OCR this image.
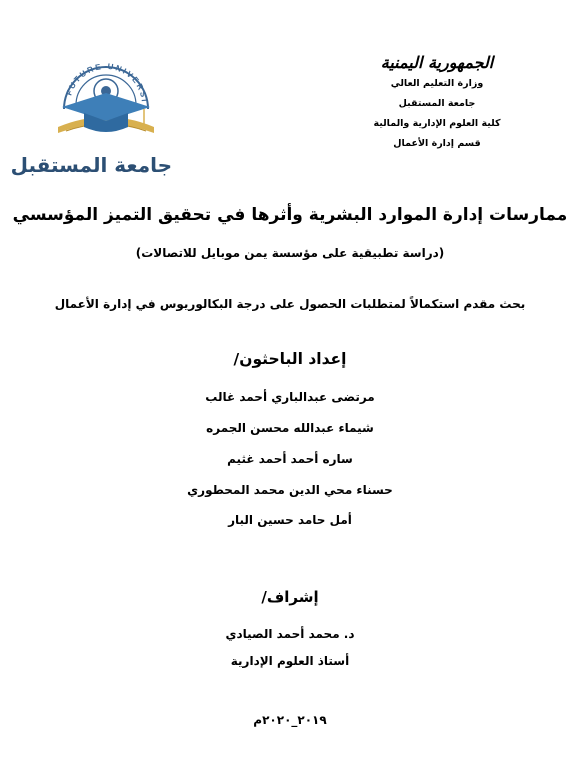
الجمهورية اليمنية
وزارة التعليم العالي
جامعة المستقبل
كلية العلوم الإدارية والمالية
قسم إدارة الأعمال
FUTURE UNIVERSI
جامعة المستقبل
ممارسات إدارة الموارد البشرية وأثرها في تحقيق التميز المؤسسي
(دراسة تطبيقية على مؤسسة يمن موبايل للاتصالات)
بحث مقدم استكمالاً لمتطلبات الحصول على درجة البكالوريوس في إدارة الأعمال
إعداد الباحثون/
مرتضى عبدالباري أحمد غالب
شيماء عبدالله محسن الجمره
ساره أحمد أحمد غثيم
حسناء محي الدين محمد المحطوري
أمل حامد حسين البار
إشراف/
د. محمد أحمد الصيادي
أستاذ العلوم الإدارية
٢٠١٩_٢٠٢٠م
